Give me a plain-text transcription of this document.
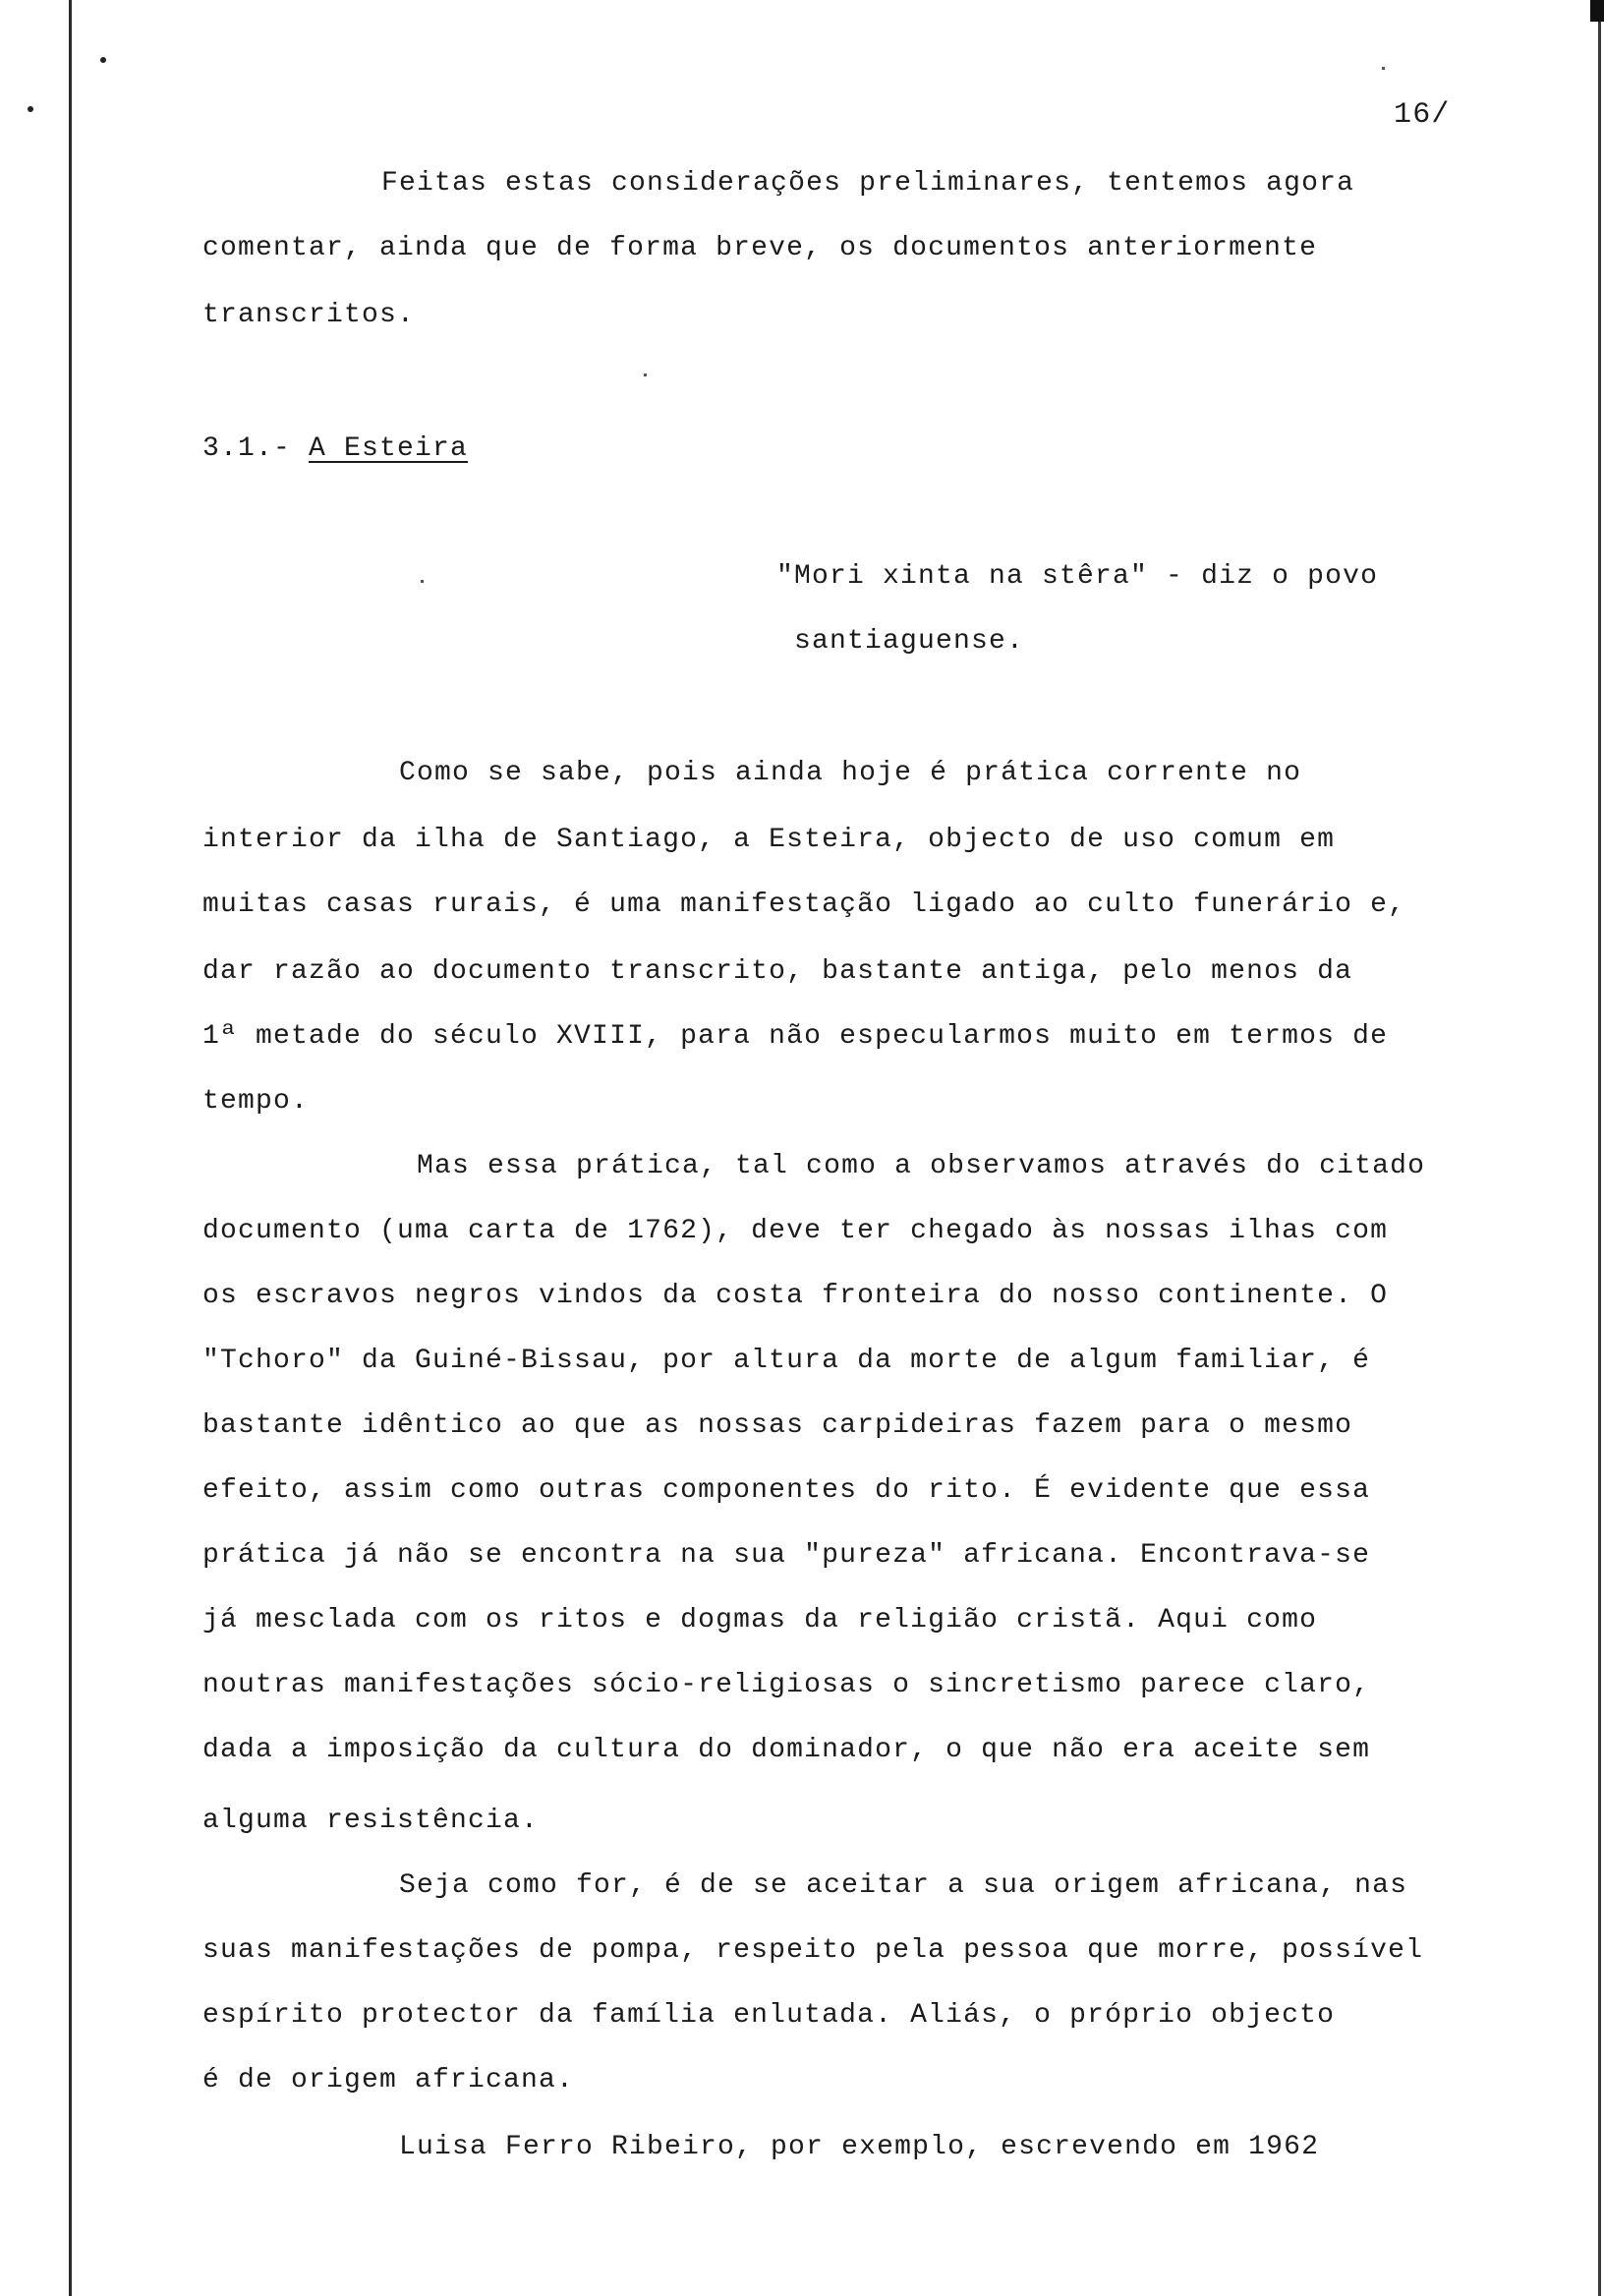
16/

Feitas estas considerações preliminares, tentemos agora

comentar, ainda que de forma breve, os documentos anteriormente

transcritos.

3.1.- A Esteira

"Mori xinta na stêra" - diz o povo

santiaguense.

Como se sabe, pois ainda hoje é prática corrente no

interior da ilha de Santiago, a Esteira, objecto de uso comum em

muitas casas rurais, é uma manifestação ligado ao culto funerário e,

dar razão ao documento transcrito, bastante antiga, pelo menos da

1ª metade do século XVIII, para não especularmos muito em termos de

tempo.

Mas essa prática, tal como a observamos através do citado

documento (uma carta de 1762), deve ter chegado às nossas ilhas com

os escravos negros vindos da costa fronteira do nosso continente. O

"Tchoro" da Guiné-Bissau, por altura da morte de algum familiar, é

bastante idêntico ao que as nossas carpideiras fazem para o mesmo

efeito, assim como outras componentes do rito. É evidente que essa

prática já não se encontra na sua "pureza" africana. Encontrava-se

já mesclada com os ritos e dogmas da religião cristã. Aqui como

noutras manifestações sócio-religiosas o sincretismo parece claro,

dada a imposição da cultura do dominador, o que não era aceite sem

alguma resistência.

Seja como for, é de se aceitar a sua origem africana, nas

suas manifestações de pompa, respeito pela pessoa que morre, possível

espírito protector da família enlutada. Aliás, o próprio objecto

é de origem africana.

Luisa Ferro Ribeiro, por exemplo, escrevendo em 1962
